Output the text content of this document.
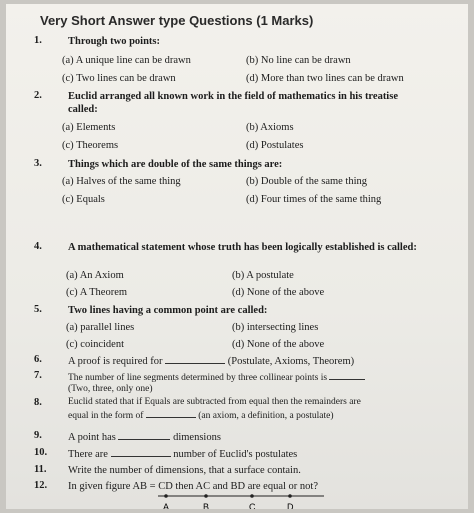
Very Short Answer type Questions (1 Marks)
1. Through two points:
(a) A unique line can be drawn	(b) No line can be drawn
(c) Two lines can be drawn	(d) More than two lines can be drawn
2. Euclid arranged all known work in the field of mathematics in his treatise called:
(a) Elements	(b) Axioms
(c) Theorems	(d) Postulates
3. Things which are double of the same things are:
(a) Halves of the same thing	(b) Double of the same thing
(c) Equals	(d) Four times of the same thing
4. A mathematical statement whose truth has been logically established is called:
(a) An Axiom	(b) A postulate
(c) A Theorem	(d) None of the above
5. Two lines having a common point are called:
(a) parallel lines	(b) intersecting lines
(c) coincident	(d) None of the above
6. A proof is required for	(Postulate, Axioms, Theorem)
7.	The number of line segments determined by three collinear points is
(Two, three, only one)
8.	Euclid stated that if Equals are subtracted from equal then the remainders are
equal in the form of	(an axiom, a definition, a postulate)
9. A point has	dimensions
10. There are	number of Euclid's postulates
11. Write the number of dimensions, that a surface contain.
12. In given figure AB = CD then AC and BD are equal or not?
A	B	C	D
